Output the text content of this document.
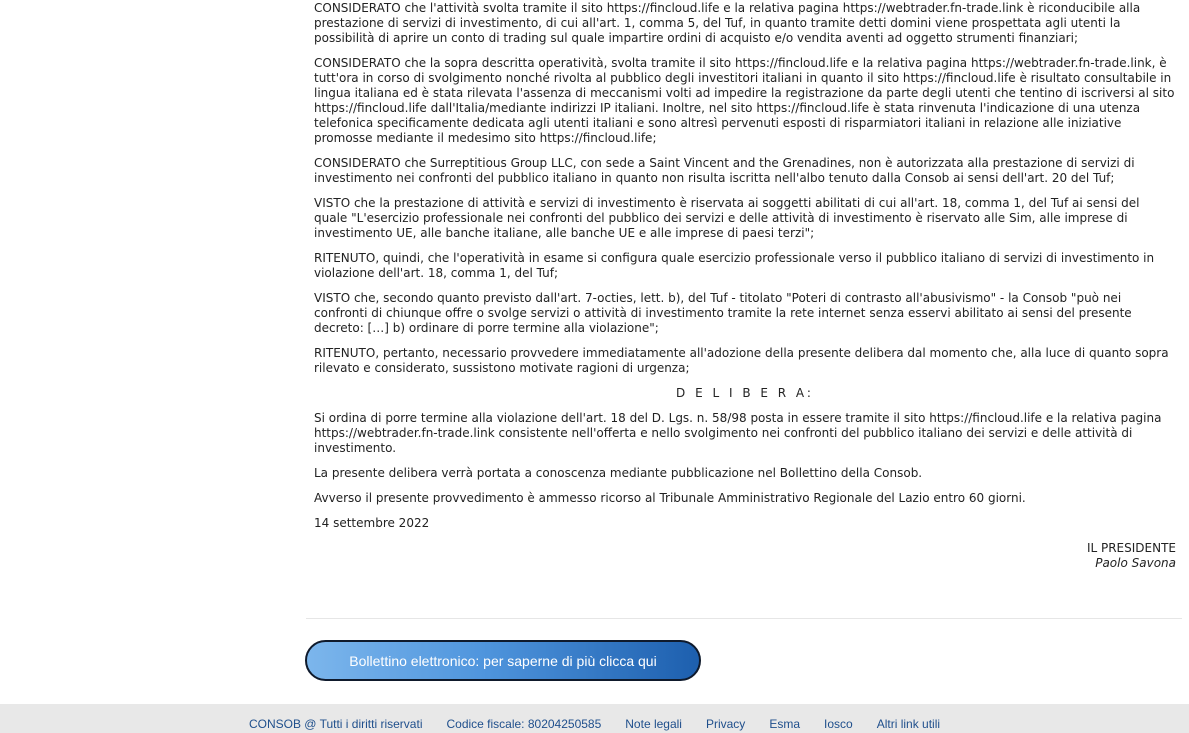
CONSIDERATO che l'attività svolta tramite il sito https://fincloud.life e la relativa pagina https://webtrader.fn-trade.link è riconducibile alla prestazione di servizi di investimento, di cui all'art. 1, comma 5, del Tuf, in quanto tramite detti domini viene prospettata agli utenti la possibilità di aprire un conto di trading sul quale impartire ordini di acquisto e/o vendita aventi ad oggetto strumenti finanziari;

CONSIDERATO che la sopra descritta operatività, svolta tramite il sito https://fincloud.life e la relativa pagina https://webtrader.fn-trade.link, è tutt'ora in corso di svolgimento nonché rivolta al pubblico degli investitori italiani in quanto il sito https://fincloud.life è risultato consultabile in lingua italiana ed è stata rilevata l'assenza di meccanismi volti ad impedire la registrazione da parte degli utenti che tentino di iscriversi al sito https://fincloud.life dall'Italia/mediante indirizzi IP italiani. Inoltre, nel sito https://fincloud.life è stata rinvenuta l'indicazione di una utenza telefonica specificamente dedicata agli utenti italiani e sono altresì pervenuti esposti di risparmiatori italiani in relazione alle iniziative promosse mediante il medesimo sito https://fincloud.life;

CONSIDERATO che Surreptitious Group LLC, con sede a Saint Vincent and the Grenadines, non è autorizzata alla prestazione di servizi di investimento nei confronti del pubblico italiano in quanto non risulta iscritta nell'albo tenuto dalla Consob ai sensi dell'art. 20 del Tuf;

VISTO che la prestazione di attività e servizi di investimento è riservata ai soggetti abilitati di cui all'art. 18, comma 1, del Tuf ai sensi del quale "L'esercizio professionale nei confronti del pubblico dei servizi e delle attività di investimento è riservato alle Sim, alle imprese di investimento UE, alle banche italiane, alle banche UE e alle imprese di paesi terzi";

RITENUTO, quindi, che l'operatività in esame si configura quale esercizio professionale verso il pubblico italiano di servizi di investimento in violazione dell'art. 18, comma 1, del Tuf;

VISTO che, secondo quanto previsto dall'art. 7-octies, lett. b), del Tuf - titolato "Poteri di contrasto all'abusivismo" - la Consob "può nei confronti di chiunque offre o svolge servizi o attività di investimento tramite la rete internet senza esservi abilitato ai sensi del presente decreto: […] b) ordinare di porre termine alla violazione";

RITENUTO, pertanto, necessario provvedere immediatamente all'adozione della presente delibera dal momento che, alla luce di quanto sopra rilevato e considerato, sussistono motivate ragioni di urgenza;

D E L I B E R A:

Si ordina di porre termine alla violazione dell'art. 18 del D. Lgs. n. 58/98 posta in essere tramite il sito https://fincloud.life e la relativa pagina https://webtrader.fn-trade.link consistente nell'offerta e nello svolgimento nei confronti del pubblico italiano dei servizi e delle attività di investimento.

La presente delibera verrà portata a conoscenza mediante pubblicazione nel Bollettino della Consob.

Avverso il presente provvedimento è ammesso ricorso al Tribunale Amministrativo Regionale del Lazio entro 60 giorni.

14 settembre 2022

IL PRESIDENTE
Paolo Savona
Bollettino elettronico: per saperne di più clicca qui
CONSOB @ Tutti i diritti riservati Codice fiscale: 80204250585 Note legali Privacy Esma Iosco Altri link utili
